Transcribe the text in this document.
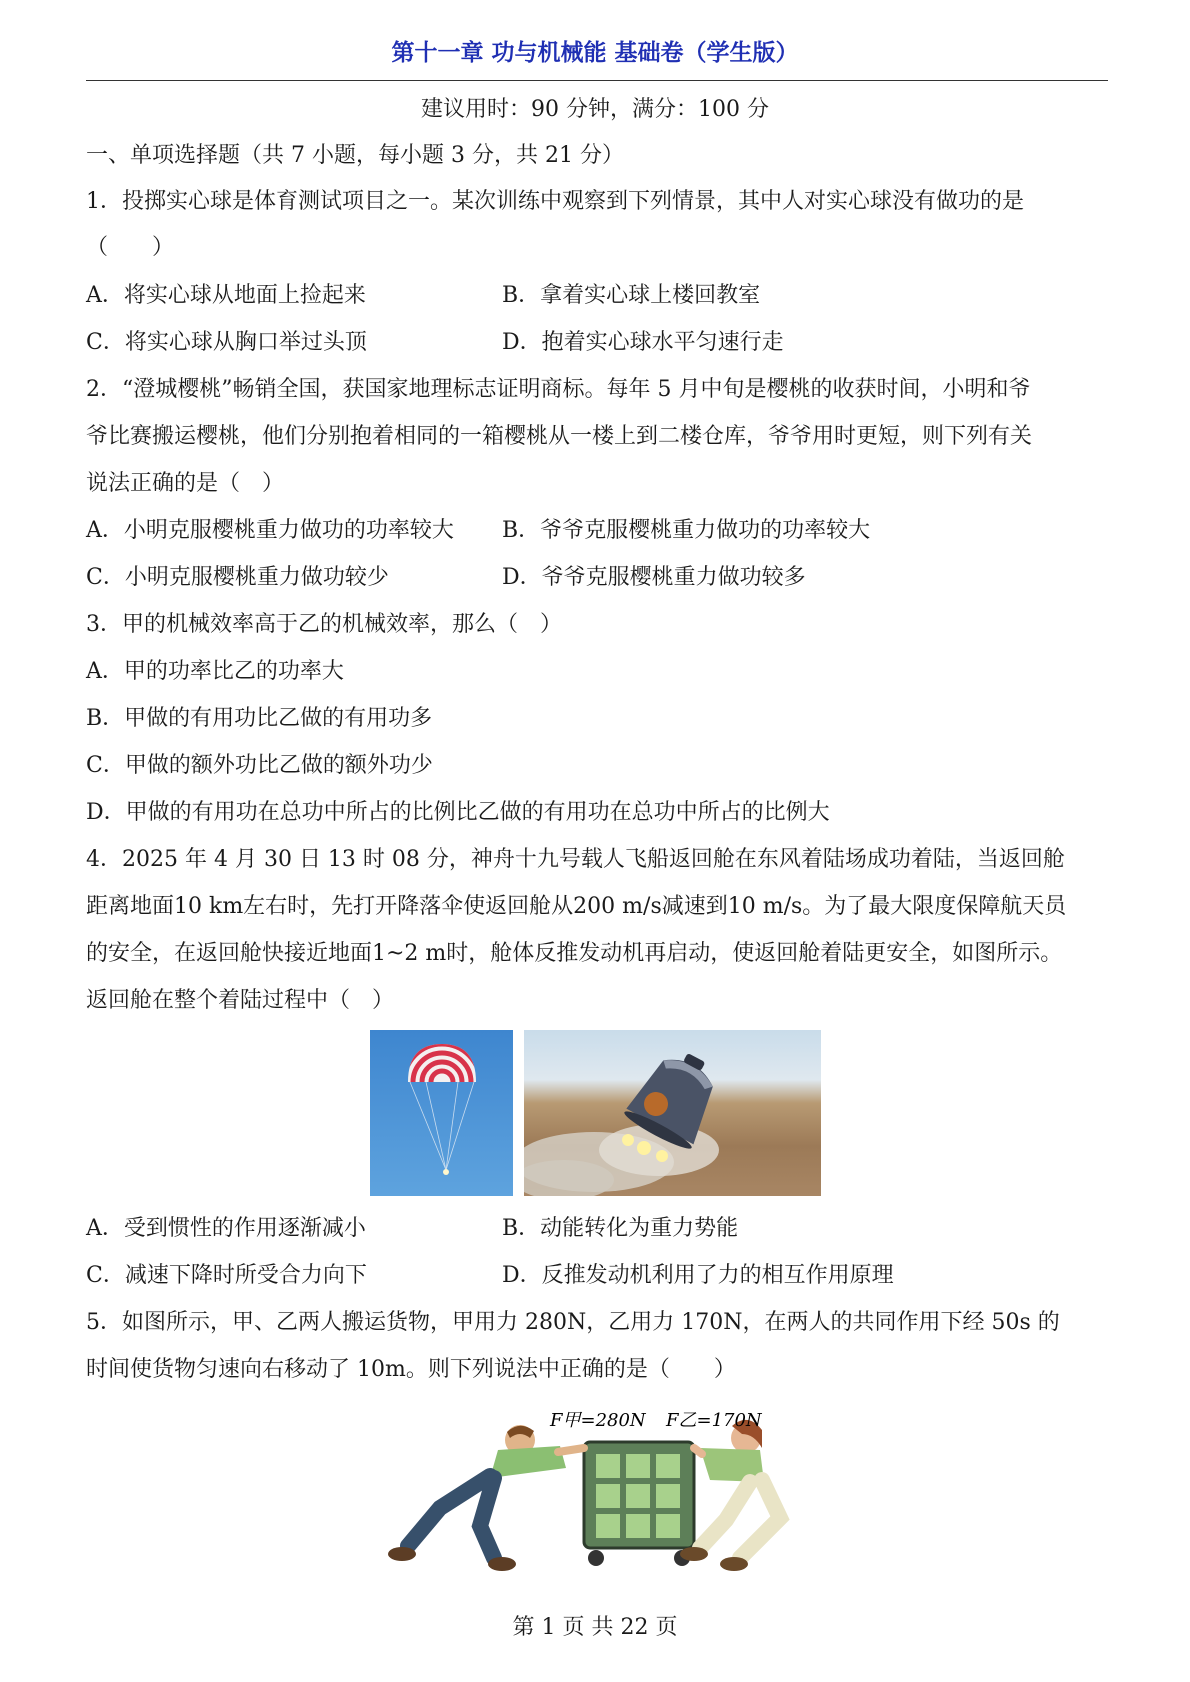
第十一章 功与机械能 基础卷（学生版）
建议用时：90 分钟，满分：100 分
一、单项选择题（共 7 小题，每小题 3 分，共 21 分）
1．投掷实心球是体育测试项目之一。某次训练中观察到下列情景，其中人对实心球没有做功的是
（　　）
A．将实心球从地面上捡起来	B．拿着实心球上楼回教室
C．将实心球从胸口举过头顶	D．抱着实心球水平匀速行走
2．“澄城樱桃”畅销全国，获国家地理标志证明商标。每年 5 月中旬是樱桃的收获时间，小明和爷
爷比赛搬运樱桃，他们分别抱着相同的一箱樱桃从一楼上到二楼仓库，爷爷用时更短，则下列有关
说法正确的是（　）
A．小明克服樱桃重力做功的功率较大 B．爷爷克服樱桃重力做功的功率较大
C．小明克服樱桃重力做功较少	D．爷爷克服樱桃重力做功较多
3．甲的机械效率高于乙的机械效率，那么（　）
A．甲的功率比乙的功率大
B．甲做的有用功比乙做的有用功多
C．甲做的额外功比乙做的额外功少
D．甲做的有用功在总功中所占的比例比乙做的有用功在总功中所占的比例大
4．2025 年 4 月 30 日 13 时 08 分，神舟十九号载人飞船返回舱在东风着陆场成功着陆，当返回舱
距离地面10 km左右时，先打开降落伞使返回舱从200 m/s减速到10 m/s。为了最大限度保障航天员
的安全，在返回舱快接近地面1~2 m时，舱体反推发动机再启动，使返回舱着陆更安全，如图所示。
返回舱在整个着陆过程中（　）
A．受到惯性的作用逐渐减小	B．动能转化为重力势能
C．减速下降时所受合力向下	D．反推发动机利用了力的相互作用原理
5．如图所示，甲、乙两人搬运货物，甲用力 280N，乙用力 170N，在两人的共同作用下经 50s 的
时间使货物匀速向右移动了 10m。则下列说法中正确的是（　　）
F甲=280N F乙=170N
第 1 页 共 22 页
